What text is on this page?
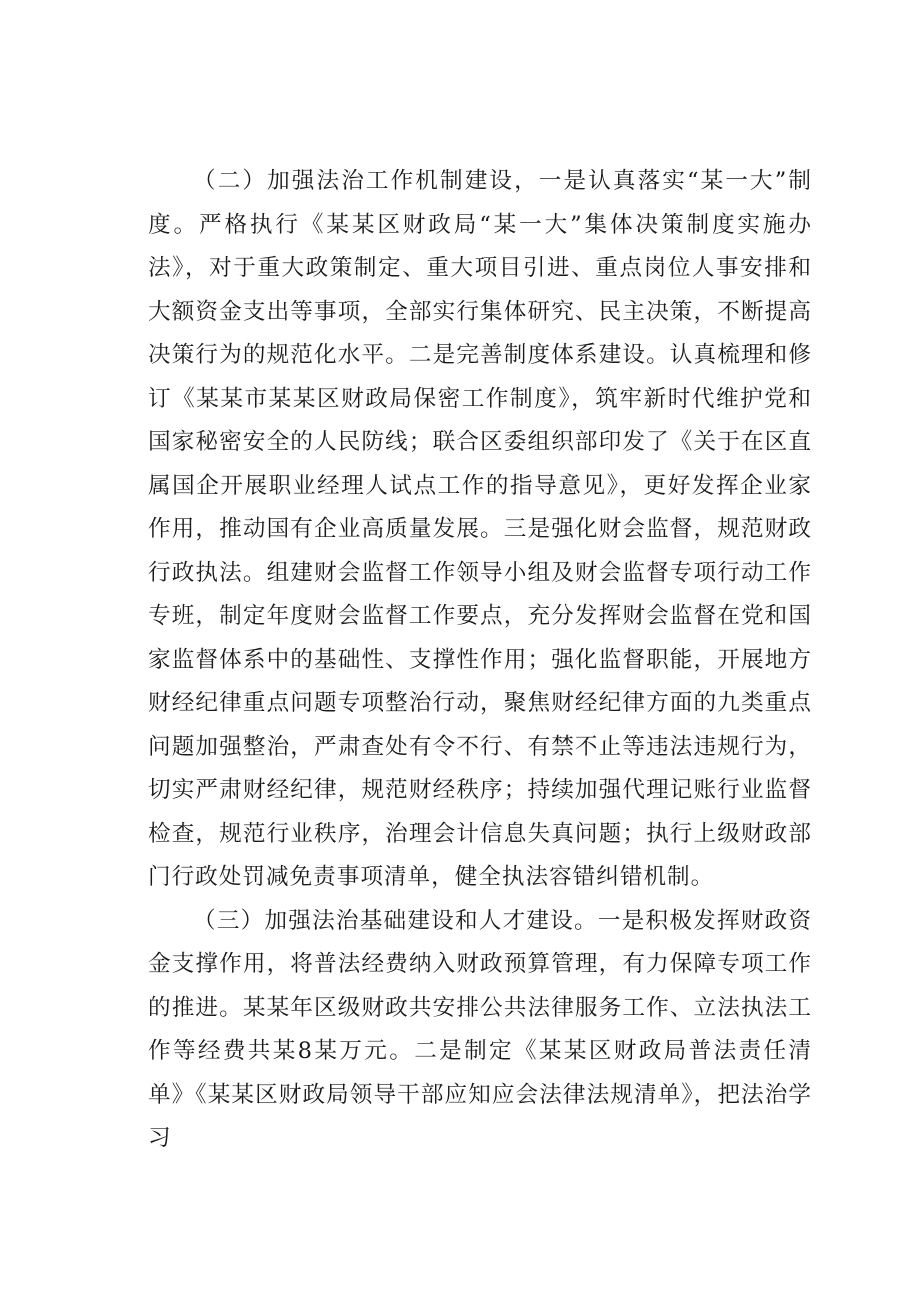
（二）加强法治工作机制建设，一是认真落实“某一大”制度。严格执行《某某区财政局“某一大”集体决策制度实施办法》，对于重大政策制定、重大项目引进、重点岗位人事安排和大额资金支出等事项，全部实行集体研究、民主决策，不断提高决策行为的规范化水平。二是完善制度体系建设。认真梳理和修订《某某市某某区财政局保密工作制度》，筑牢新时代维护党和国家秘密安全的人民防线；联合区委组织部印发了《关于在区直属国企开展职业经理人试点工作的指导意见》，更好发挥企业家作用，推动国有企业高质量发展。三是强化财会监督，规范财政行政执法。组建财会监督工作领导小组及财会监督专项行动工作专班，制定年度财会监督工作要点，充分发挥财会监督在党和国家监督体系中的基础性、支撑性作用；强化监督职能，开展地方财经纪律重点问题专项整治行动，聚焦财经纪律方面的九类重点问题加强整治，严肃查处有令不行、有禁不止等违法违规行为，切实严肃财经纪律，规范财经秩序；持续加强代理记账行业监督检查，规范行业秩序，治理会计信息失真问题；执行上级财政部门行政处罚减免责事项清单，健全执法容错纠错机制。

（三）加强法治基础建设和人才建设。一是积极发挥财政资金支撑作用，将普法经费纳入财政预算管理，有力保障专项工作的推进。某某年区级财政共安排公共法律服务工作、立法执法工作等经费共某8某万元。二是制定《某某区财政局普法责任清单》《某某区财政局领导干部应知应会法律法规清单》，把法治学习
